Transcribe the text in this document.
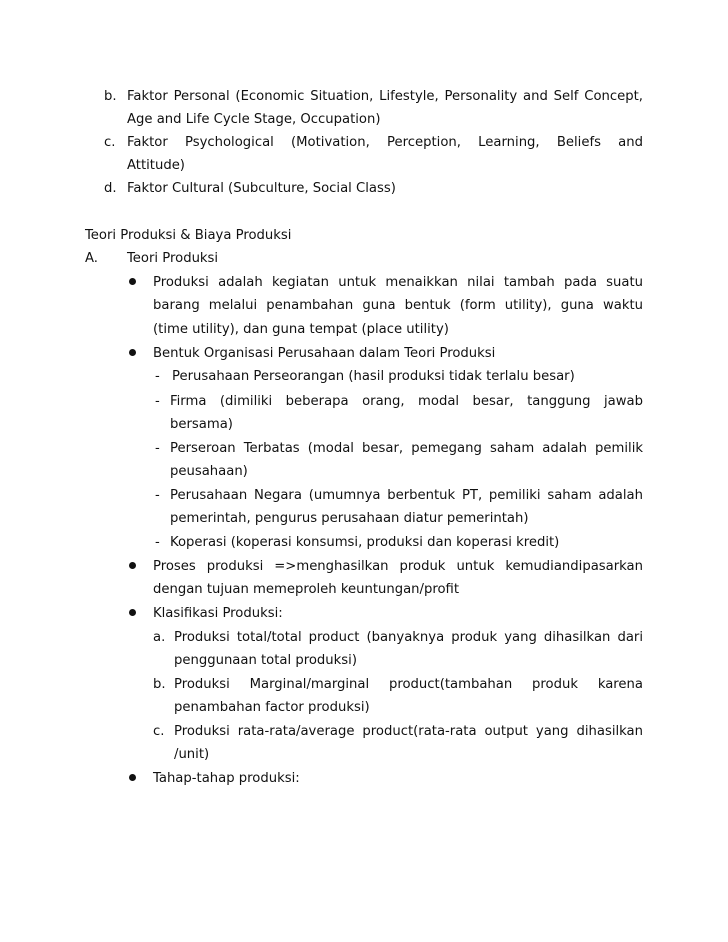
b. Faktor Personal (Economic Situation, Lifestyle, Personality and Self Concept,
Age and Life Cycle Stage, Occupation)
c. Faktor Psychological (Motivation, Perception, Learning, Beliefs and
Attitude)
d. Faktor Cultural (Subculture, Social Class)
Teori Produksi & Biaya Produksi
A. Teori Produksi
Produksi adalah kegiatan untuk menaikkan nilai tambah pada suatu
barang melalui penambahan guna bentuk (form utility), guna waktu
(time utility), dan guna tempat (place utility)
Bentuk Organisasi Perusahaan dalam Teori Produksi
- Perusahaan Perseorangan (hasil produksi tidak terlalu besar)
- Firma (dimiliki beberapa orang, modal besar, tanggung jawab
bersama)
- Perseroan Terbatas (modal besar, pemegang saham adalah pemilik
peusahaan)
- Perusahaan Negara (umumnya berbentuk PT, pemiliki saham adalah
pemerintah, pengurus perusahaan diatur pemerintah)
- Koperasi (koperasi konsumsi, produksi dan koperasi kredit)
Proses produksi =>menghasilkan produk untuk kemudiandipasarkan
dengan tujuan memeproleh keuntungan/profit
Klasifikasi Produksi:
a. Produksi total/total product (banyaknya produk yang dihasilkan dari
penggunaan total produksi)
b. Produksi Marginal/marginal product(tambahan produk karena
penambahan factor produksi)
c. Produksi rata-rata/average product(rata-rata output yang dihasilkan
/unit)
Tahap-tahap produksi:
